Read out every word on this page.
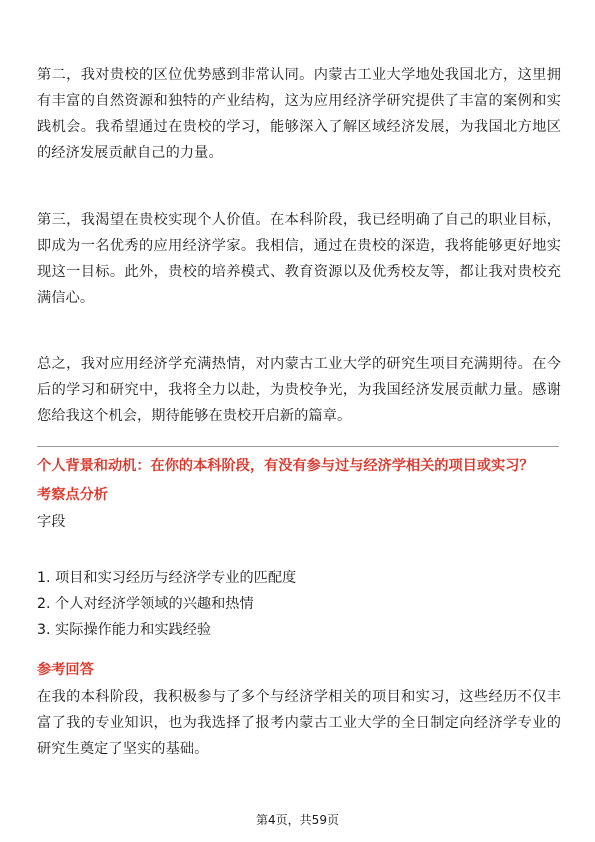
第二，我对贵校的区位优势感到非常认同。内蒙古工业大学地处我国北方，这里拥有丰富的自然资源和独特的产业结构，这为应用经济学研究提供了丰富的案例和实践机会。我希望通过在贵校的学习，能够深入了解区域经济发展，为我国北方地区的经济发展贡献自己的力量。

第三，我渴望在贵校实现个人价值。在本科阶段，我已经明确了自己的职业目标，即成为一名优秀的应用经济学家。我相信，通过在贵校的深造，我将能够更好地实现这一目标。此外，贵校的培养模式、教育资源以及优秀校友等，都让我对贵校充满信心。

总之，我对应用经济学充满热情，对内蒙古工业大学的研究生项目充满期待。在今后的学习和研究中，我将全力以赴，为贵校争光，为我国经济发展贡献力量。感谢您给我这个机会，期待能够在贵校开启新的篇章。

个人背景和动机：在你的本科阶段，有没有参与过与经济学相关的项目或实习？

考察点分析

字段

1. 项目和实习经历与经济学专业的匹配度
2. 个人对经济学领域的兴趣和热情
3. 实际操作能力和实践经验

参考回答

在我的本科阶段，我积极参与了多个与经济学相关的项目和实习，这些经历不仅丰富了我的专业知识，也为我选择了报考内蒙古工业大学的全日制定向经济学专业的研究生奠定了坚实的基础。

第4页，共59页
